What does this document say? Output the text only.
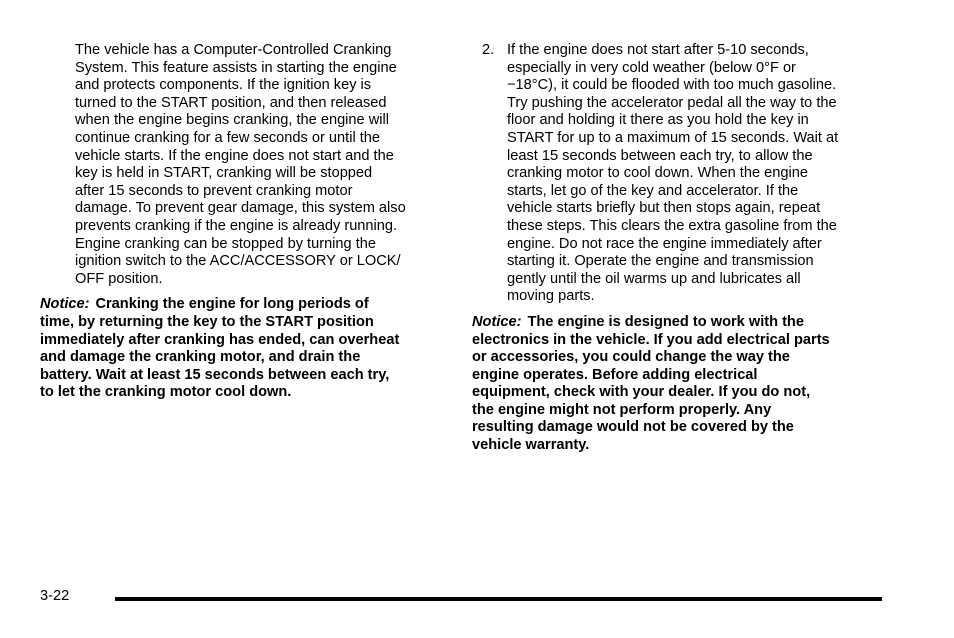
The vehicle has a Computer-Controlled Cranking
System. This feature assists in starting the engine
and protects components. If the ignition key is
turned to the START position, and then released
when the engine begins cranking, the engine will
continue cranking for a few seconds or until the
vehicle starts. If the engine does not start and the
key is held in START, cranking will be stopped
after 15 seconds to prevent cranking motor
damage. To prevent gear damage, this system also
prevents cranking if the engine is already running.
Engine cranking can be stopped by turning the
ignition switch to the ACC/ACCESSORY or LOCK/
OFF position.

Notice: Cranking the engine for long periods of
time, by returning the key to the START position
immediately after cranking has ended, can overheat
and damage the cranking motor, and drain the
battery. Wait at least 15 seconds between each try,
to let the cranking motor cool down.

2. If the engine does not start after 5-10 seconds,
especially in very cold weather (below 0°F or
−18°C), it could be flooded with too much gasoline.
Try pushing the accelerator pedal all the way to the
floor and holding it there as you hold the key in
START for up to a maximum of 15 seconds. Wait at
least 15 seconds between each try, to allow the
cranking motor to cool down. When the engine
starts, let go of the key and accelerator. If the
vehicle starts briefly but then stops again, repeat
these steps. This clears the extra gasoline from the
engine. Do not race the engine immediately after
starting it. Operate the engine and transmission
gently until the oil warms up and lubricates all
moving parts.

Notice: The engine is designed to work with the
electronics in the vehicle. If you add electrical parts
or accessories, you could change the way the
engine operates. Before adding electrical
equipment, check with your dealer. If you do not,
the engine might not perform properly. Any
resulting damage would not be covered by the
vehicle warranty.

3-22
